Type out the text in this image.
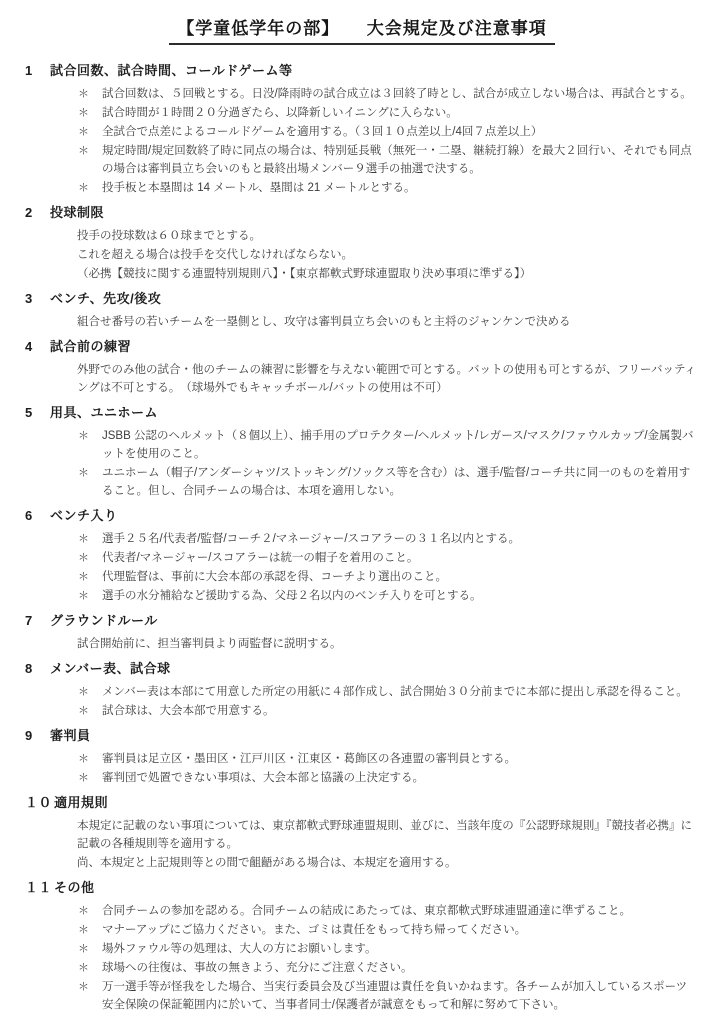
【学童低学年の部】　　大会規定及び注意事項
1	試合回数、試合時間、コールドゲーム等
＊	試合回数は、５回戦とする。日没/降雨時の試合成立は３回終了時とし、試合が成立しない場合は、再試合とする。
＊	試合時間が１時間２０分過ぎたら、以降新しいイニングに入らない。
＊	全試合で点差によるコールドゲームを適用する。（３回１０点差以上/4回７点差以上）
＊	規定時間/規定回数終了時に同点の場合は、特別延長戦（無死一・二塁、継続打線）を最大２回行い、それでも同点の場合は審判員立ち会いのもと最終出場メンバー９選手の抽選で決する。
＊	投手板と本塁間は 14 メートル、塁間は 21 メートルとする。
2	投球制限
投手の投球数は６０球までとする。
これを超える場合は投手を交代しなければならない。
（必携【競技に関する連盟特別規則八】・【東京都軟式野球連盟取り決め事項に準ずる】）
3	ベンチ、先攻/後攻
組合せ番号の若いチームを一塁側とし、攻守は審判員立ち会いのもと主将のジャンケンで決める
4	試合前の練習
外野でのみ他の試合・他のチームの練習に影響を与えない範囲で可とする。バットの使用も可とするが、フリーバッティングは不可とする。　（球場外でもキャッチボール/バットの使用は不可）
5	用具、ユニホーム
＊	JSBB 公認のヘルメット（８個以上）、捕手用のプロテクター/ヘルメット/レガース/マスク/ファウルカップ/金属製バットを使用のこと。
＊	ユニホーム（帽子/アンダーシャツ/ストッキング/ソックス等を含む）は、選手/監督/コーチ共に同一のものを着用すること。但し、合同チームの場合は、本項を適用しない。
6	ベンチ入り
＊	選手２５名/代表者/監督/コーチ２/マネージャー/スコアラーの３１名以内とする。
＊	代表者/マネージャー/スコアラーは統一の帽子を着用のこと。
＊	代理監督は、事前に大会本部の承認を得、コーチより選出のこと。
＊	選手の水分補給など援助する為、父母２名以内のベンチ入りを可とする。
7	グラウンドルール
試合開始前に、担当審判員より両監督に説明する。
8	メンバー表、試合球
＊	メンバー表は本部にて用意した所定の用紙に４部作成し、試合開始３０分前までに本部に提出し承認を得ること。
＊	試合球は、大会本部で用意する。
9	審判員
＊	審判員は足立区・墨田区・江戸川区・江東区・葛飾区の各連盟の審判員とする。
＊	審判団で処置できない事項は、大会本部と協議の上決定する。
１０ 適用規則
本規定に記載のない事項については、東京都軟式野球連盟規則、並びに、当該年度の『公認野球規則』『競技者必携』に記載の各種規則等を適用する。
尚、本規定と上記規則等との間で齟齬がある場合は、本規定を適用する。
１１ その他
＊	合同チームの参加を認める。合同チームの結成にあたっては、東京都軟式野球連盟通達に準ずること。
＊	マナーアップにご協力ください。また、ゴミは責任をもって持ち帰ってください。
＊	場外ファウル等の処理は、大人の方にお願いします。
＊	球場への往復は、事故の無きよう、充分にご注意ください。
＊	万一選手等が怪我をした場合、当実行委員会及び当連盟は責任を負いかねます。各チームが加入しているスポーツ安全保険の保証範囲内に於いて、当事者同士/保護者が誠意をもって和解に努めて下さい。
